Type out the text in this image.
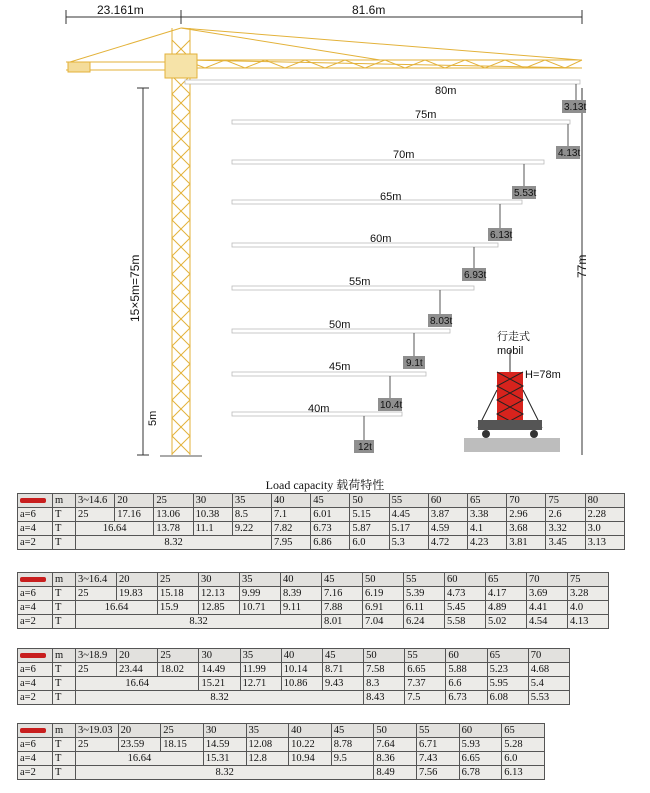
23.161m	81.6m
15×5m=75m
5m
77m
80m
75m
70m
65m
60m
55m
50m
45m
40m
3.13t
4.13t
5.53t
6.13t
6.93t
8.03t
9.1t
10.4t
12t
行走式
mobil
H=78m
Load capacity 载荷特性
	m	3~14.6	20	25	30	35	40	45	50	55	60	65	70	75	80
a=6	T	25	17.16	13.06	10.38	8.5	7.1	6.01	5.15	4.45	3.87	3.38	2.96	2.6	2.28
a=4	T	16.64		13.78	11.1	9.22	7.82	6.73	5.87	5.17	4.59	4.1	3.68	3.32	3.0
a=2	T	8.32					7.95	6.86	6.0	5.3	4.72	4.23	3.81	3.45	3.13
	m	3~16.4	20	25	30	35	40	45	50	55	60	65	70	75
a=6	T	25	19.83	15.18	12.13	9.99	8.39	7.16	6.19	5.39	4.73	4.17	3.69	3.28
a=4	T	16.64		15.9	12.85	10.71	9.11	7.88	6.91	6.11	5.45	4.89	4.41	4.0
a=2	T	8.32						8.01	7.04	6.24	5.58	5.02	4.54	4.13
	m	3~18.9	20	25	30	35	40	45	50	55	60	65	70
a=6	T	25	23.44	18.02	14.49	11.99	10.14	8.71	7.58	6.65	5.88	5.23	4.68
a=4	T	16.64			15.21	12.71	10.86	9.43	8.3	7.37	6.6	5.95	5.4
a=2	T	8.32							8.43	7.5	6.73	6.08	5.53
	m	3~19.03	20	25	30	35	40	45	50	55	60	65
a=6	T	25	23.59	18.15	14.59	12.08	10.22	8.78	7.64	6.71	5.93	5.28
a=4	T	16.64			15.31	12.8	10.94	9.5	8.36	7.43	6.65	6.0
a=2	T	8.32							8.49	7.56	6.78	6.13
